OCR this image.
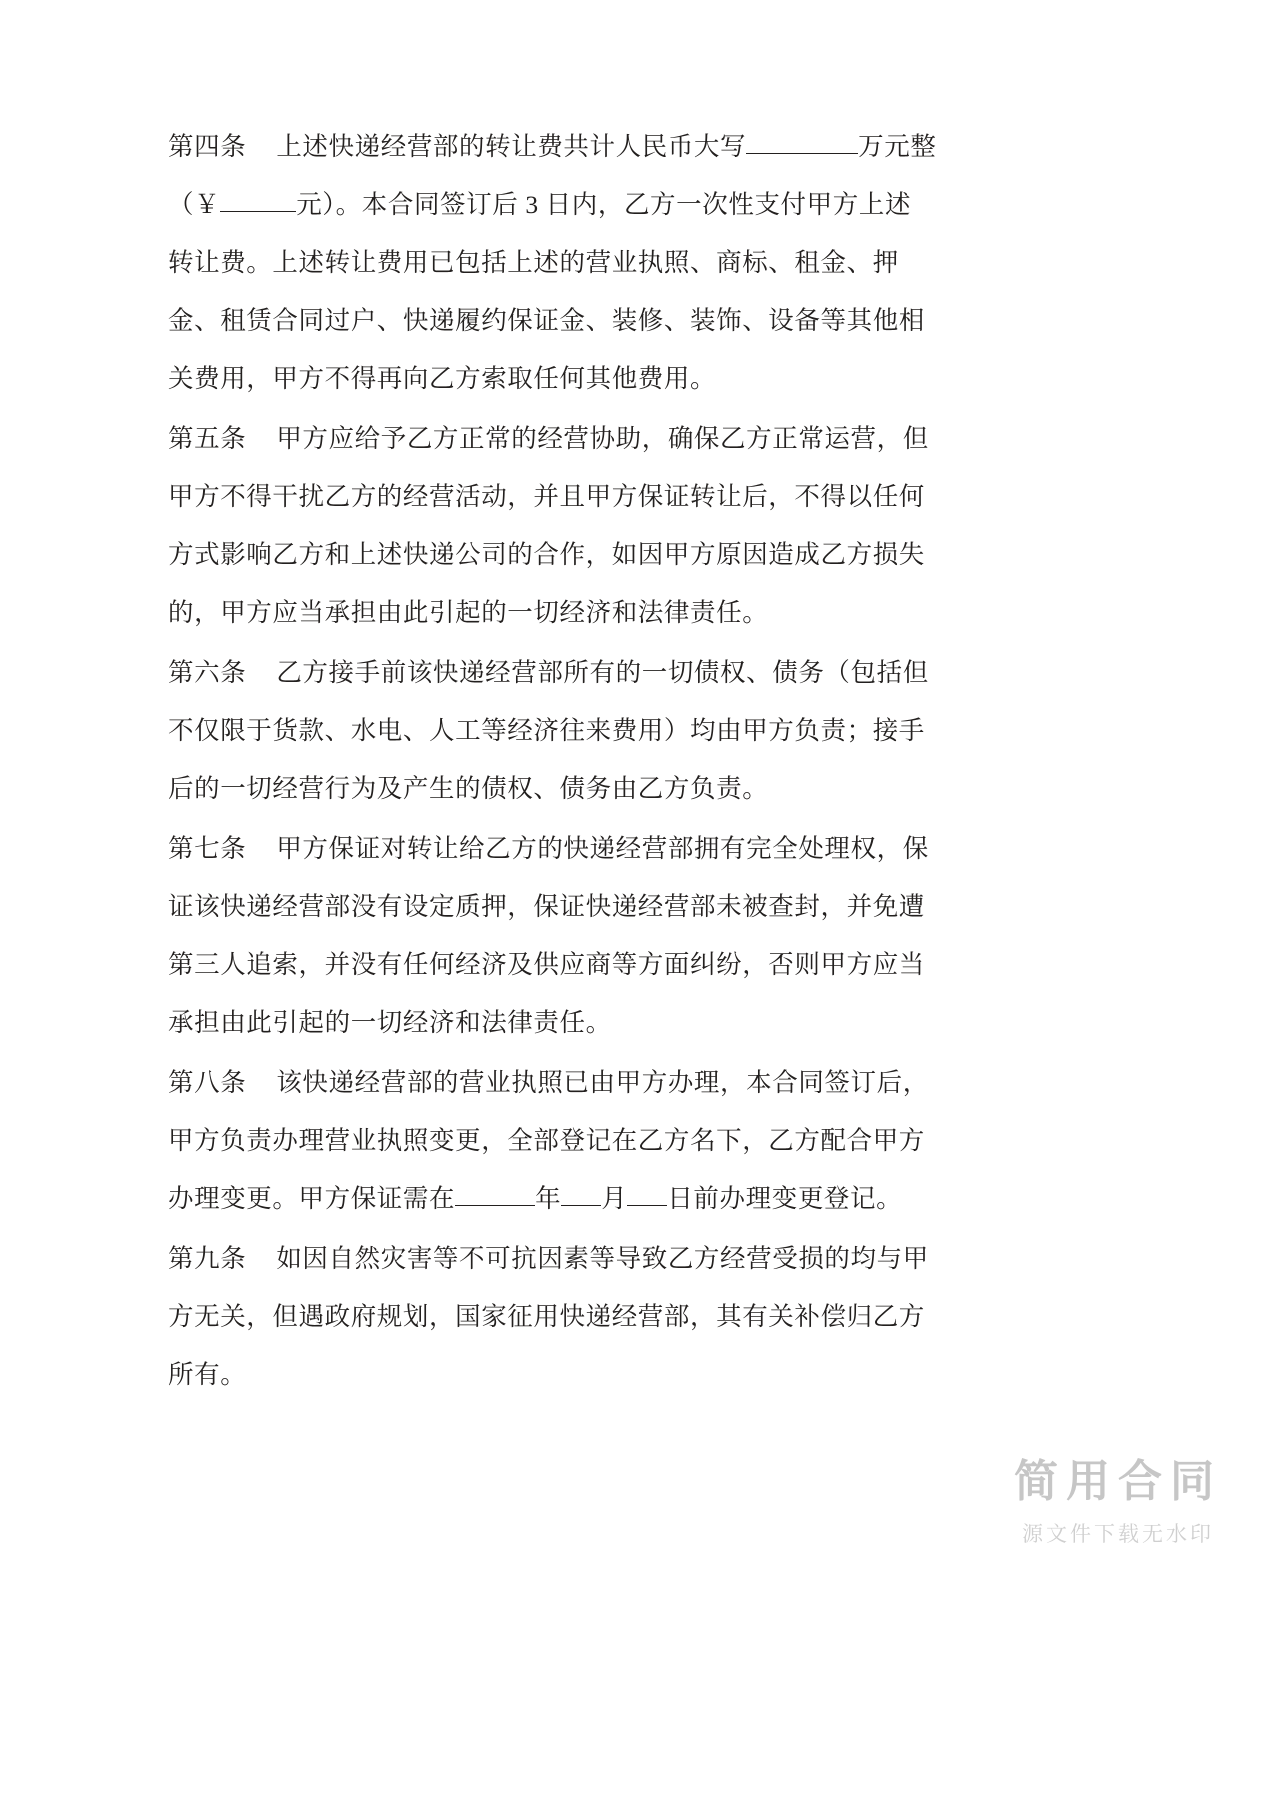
第四条 上述快递经营部的转让费共计人民币大写	万元整
（￥	元）。本合同签订后 3 日内，乙方一次性支付甲方上述
转让费。上述转让费用已包括上述的营业执照、商标、租金、押
金、租赁合同过户、快递履约保证金、装修、装饰、设备等其他相
关费用，甲方不得再向乙方索取任何其他费用。
第五条 甲方应给予乙方正常的经营协助，确保乙方正常运营，但
甲方不得干扰乙方的经营活动，并且甲方保证转让后，不得以任何
方式影响乙方和上述快递公司的合作，如因甲方原因造成乙方损失
的，甲方应当承担由此引起的一切经济和法律责任。
第六条 乙方接手前该快递经营部所有的一切债权、债务（包括但
不仅限于货款、水电、人工等经济往来费用）均由甲方负责；接手
后的一切经营行为及产生的债权、债务由乙方负责。
第七条 甲方保证对转让给乙方的快递经营部拥有完全处理权，保
证该快递经营部没有设定质押，保证快递经营部未被查封，并免遭
第三人追索，并没有任何经济及供应商等方面纠纷，否则甲方应当
承担由此引起的一切经济和法律责任。
第八条 该快递经营部的营业执照已由甲方办理，本合同签订后，
甲方负责办理营业执照变更，全部登记在乙方名下，乙方配合甲方
办理变更。甲方保证需在	年 月 日前办理变更登记。
第九条 如因自然灾害等不可抗因素等导致乙方经营受损的均与甲
方无关，但遇政府规划，国家征用快递经营部，其有关补偿归乙方
所有。
简用合同
源文件下载无水印
